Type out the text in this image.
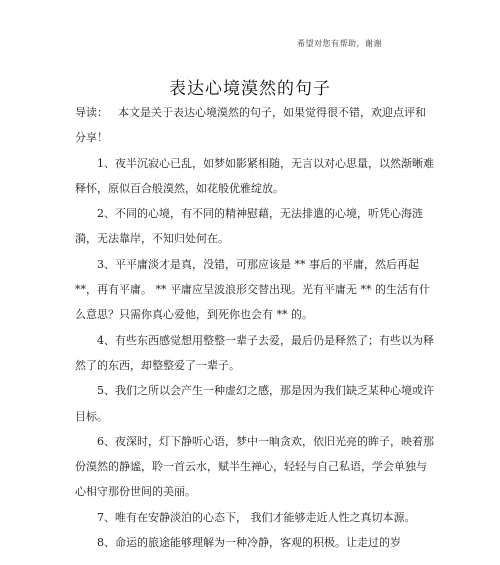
希望对您有帮助，谢谢
表达心境漠然的句子

导读： 本文是关于表达心境漠然的句子，如果觉得很不错，欢迎点评和分享！

1、夜半沉寂心已乱，如梦如影紧相随，无言以对心思量，以然渐晰难释怀，原似百合般漠然，如花般优雅绽放。

2、不同的心境，有不同的精神慰藉，无法排遣的心境，听凭心海涟漪，无法靠岸，不知归处何在。

3、平平庸淡才是真，没错，可那应该是 ** 事后的平庸，然后再起**，再有平庸。 ** 平庸应呈波浪形交替出现。光有平庸无 ** 的生活有什么意思？只需你真心爱他，到死你也会有 ** 的。

4、有些东西感觉想用整整一辈子去爱，最后仍是释然了；有些以为释然了的东西，却整整爱了一辈子。

5、我们之所以会产生一种虚幻之感，那是因为我们缺乏某种心境或许目标。

6、夜深时，灯下静听心语，梦中一晌贪欢，依旧光亮的眸子，映着那份漠然的静谧，聆一首云水，赋半生禅心，轻轻与自己私语，学会单独与心相守那份世间的美丽。

7、唯有在安静淡泊的心态下， 我们才能够走近人性之真切本源。

8、命运的旅途能够理解为一种冷静，客观的积极。让走过的岁
